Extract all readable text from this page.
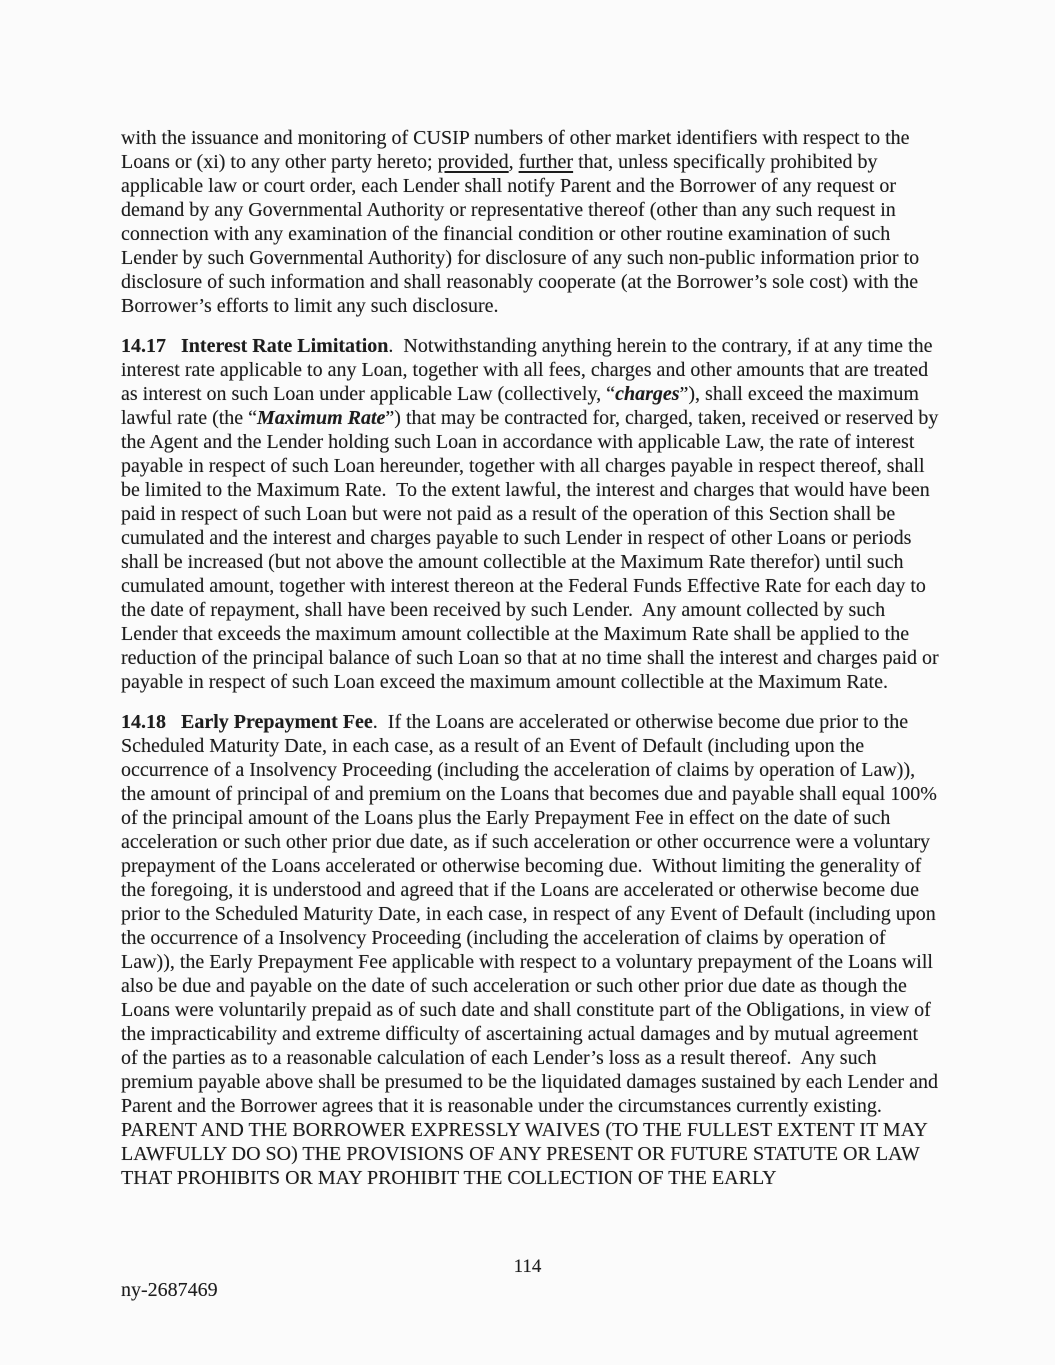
with the issuance and monitoring of CUSIP numbers of other market identifiers with respect to the Loans or (xi) to any other party hereto; provided, further that, unless specifically prohibited by applicable law or court order, each Lender shall notify Parent and the Borrower of any request or demand by any Governmental Authority or representative thereof (other than any such request in connection with any examination of the financial condition or other routine examination of such Lender by such Governmental Authority) for disclosure of any such non-public information prior to disclosure of such information and shall reasonably cooperate (at the Borrower’s sole cost) with the Borrower’s efforts to limit any such disclosure.

14.17   Interest Rate Limitation.  Notwithstanding anything herein to the contrary, if at any time the interest rate applicable to any Loan, together with all fees, charges and other amounts that are treated as interest on such Loan under applicable Law (collectively, “charges”), shall exceed the maximum lawful rate (the “Maximum Rate”) that may be contracted for, charged, taken, received or reserved by the Agent and the Lender holding such Loan in accordance with applicable Law, the rate of interest payable in respect of such Loan hereunder, together with all charges payable in respect thereof, shall be limited to the Maximum Rate.  To the extent lawful, the interest and charges that would have been paid in respect of such Loan but were not paid as a result of the operation of this Section shall be cumulated and the interest and charges payable to such Lender in respect of other Loans or periods shall be increased (but not above the amount collectible at the Maximum Rate therefor) until such cumulated amount, together with interest thereon at the Federal Funds Effective Rate for each day to the date of repayment, shall have been received by such Lender.  Any amount collected by such Lender that exceeds the maximum amount collectible at the Maximum Rate shall be applied to the reduction of the principal balance of such Loan so that at no time shall the interest and charges paid or payable in respect of such Loan exceed the maximum amount collectible at the Maximum Rate.

14.18   Early Prepayment Fee.  If the Loans are accelerated or otherwise become due prior to the Scheduled Maturity Date, in each case, as a result of an Event of Default (including upon the occurrence of a Insolvency Proceeding (including the acceleration of claims by operation of Law)), the amount of principal of and premium on the Loans that becomes due and payable shall equal 100% of the principal amount of the Loans plus the Early Prepayment Fee in effect on the date of such acceleration or such other prior due date, as if such acceleration or other occurrence were a voluntary prepayment of the Loans accelerated or otherwise becoming due.  Without limiting the generality of the foregoing, it is understood and agreed that if the Loans are accelerated or otherwise become due prior to the Scheduled Maturity Date, in each case, in respect of any Event of Default (including upon the occurrence of a Insolvency Proceeding (including the acceleration of claims by operation of Law)), the Early Prepayment Fee applicable with respect to a voluntary prepayment of the Loans will also be due and payable on the date of such acceleration or such other prior due date as though the Loans were voluntarily prepaid as of such date and shall constitute part of the Obligations, in view of the impracticability and extreme difficulty of ascertaining actual damages and by mutual agreement of the parties as to a reasonable calculation of each Lender’s loss as a result thereof.  Any such premium payable above shall be presumed to be the liquidated damages sustained by each Lender and Parent and the Borrower agrees that it is reasonable under the circumstances currently existing.  PARENT AND THE BORROWER EXPRESSLY WAIVES (TO THE FULLEST EXTENT IT MAY LAWFULLY DO SO) THE PROVISIONS OF ANY PRESENT OR FUTURE STATUTE OR LAW THAT PROHIBITS OR MAY PROHIBIT THE COLLECTION OF THE EARLY

114
ny-2687469
